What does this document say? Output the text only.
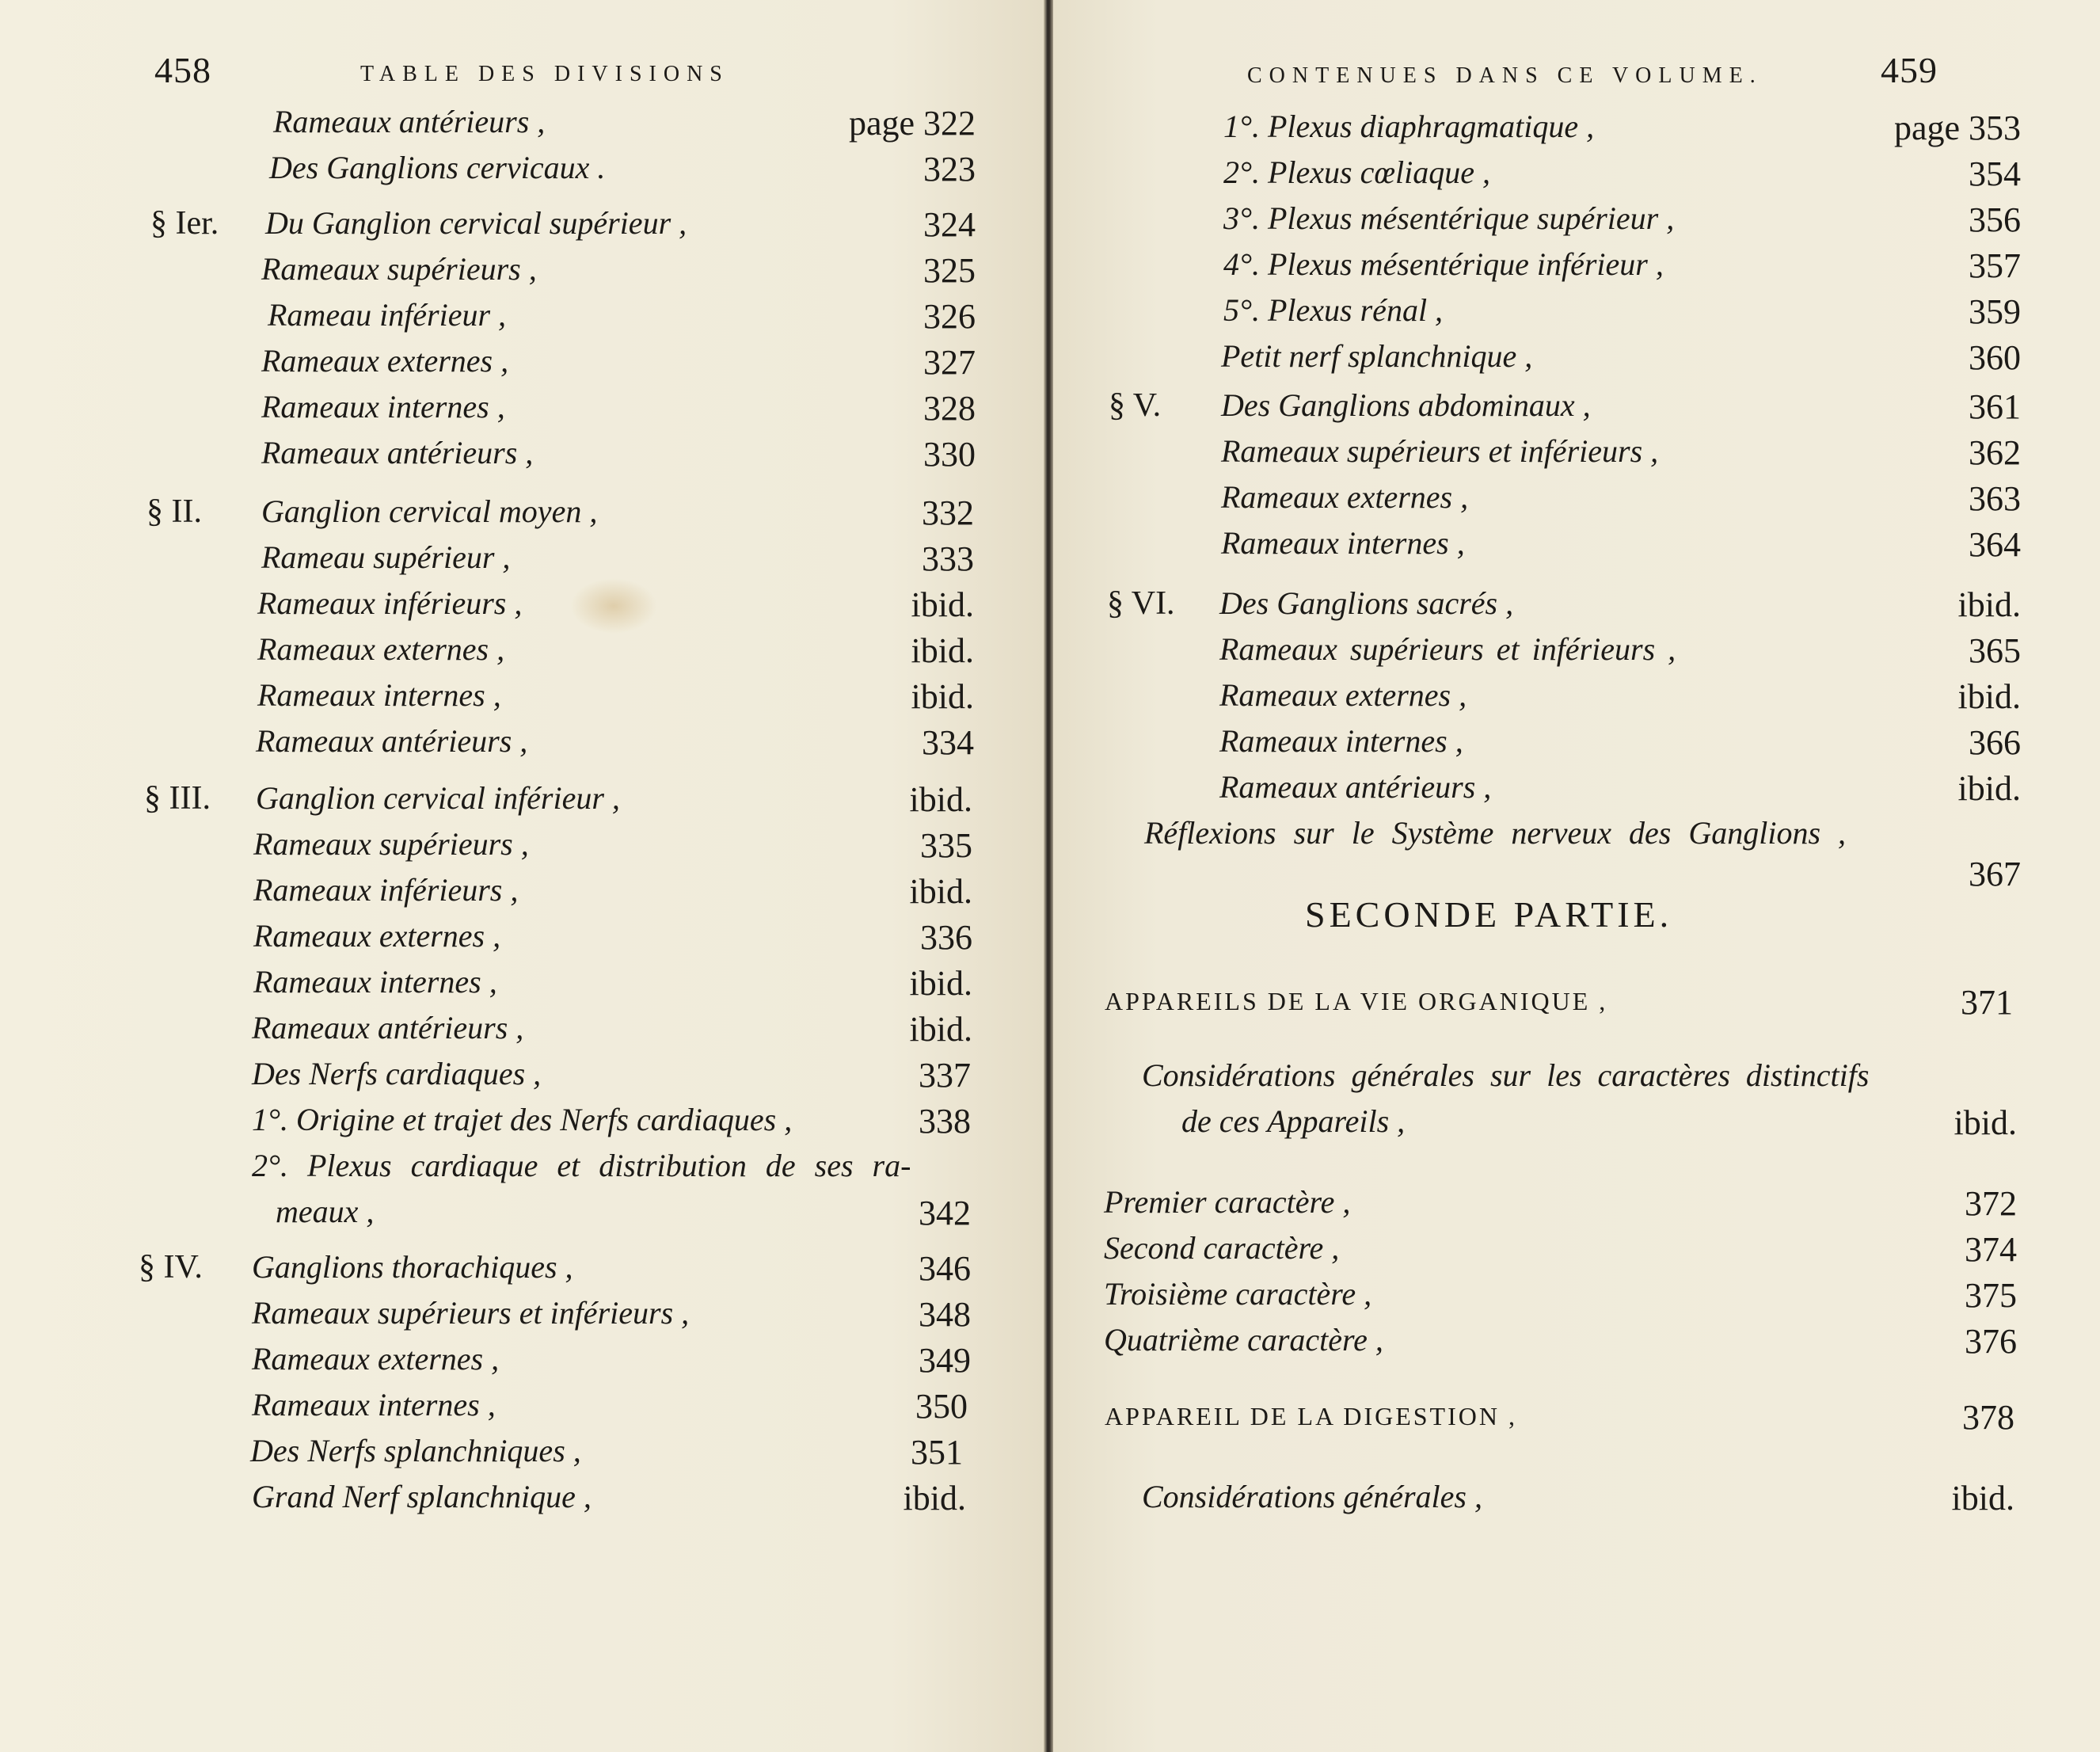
458	TABLE DES DIVISIONS
Rameaux antérieurs ,	page 322
Des Ganglions cervicaux .	323
§ Ier. Du Ganglion cervical supérieur ,	324
Rameaux supérieurs ,	325
Rameau inférieur ,	326
Rameaux externes ,	327
Rameaux internes ,	328
Rameaux antérieurs ,	330
§ II. Ganglion cervical moyen ,	332
Rameau supérieur ,	333
Rameaux inférieurs ,	ibid.
Rameaux externes ,	ibid.
Rameaux internes ,	ibid.
Rameaux antérieurs ,	334
§ III. Ganglion cervical inférieur ,	ibid.
Rameaux supérieurs ,	335
Rameaux inférieurs ,	ibid.
Rameaux externes ,	336
Rameaux internes ,	ibid.
Rameaux antérieurs ,	ibid.
Des Nerfs cardiaques ,	337
1°. Origine et trajet des Nerfs cardiaques ,	338
2°. Plexus cardiaque et distribution de ses ra-
meaux ,	342
§ IV. Ganglions thorachiques ,	346
Rameaux supérieurs et inférieurs ,	348
Rameaux externes ,	349
Rameaux internes ,	350
Des Nerfs splanchniques ,	351
Grand Nerf splanchnique ,	ibid.
CONTENUES DANS CE VOLUME.	459
1°. Plexus diaphragmatique ,	page 353
2°. Plexus cœliaque ,	354
3°. Plexus mésentérique supérieur ,	356
4°. Plexus mésentérique inférieur ,	357
5°. Plexus rénal ,	359
Petit nerf splanchnique ,	360
§ V. Des Ganglions abdominaux ,	361
Rameaux supérieurs et inférieurs ,	362
Rameaux externes ,	363
Rameaux internes ,	364
§ VI. Des Ganglions sacrés ,	ibid.
Rameaux supérieurs et inférieurs ,	365
Rameaux externes ,	ibid.
Rameaux internes ,	366
Rameaux antérieurs ,	ibid.
Réflexions sur le Système nerveux des Ganglions ,
367
SECONDE PARTIE.
APPAREILS DE LA VIE ORGANIQUE ,	371
Considérations générales sur les caractères distinctifs
de ces Appareils ,	ibid.
Premier caractère ,	372
Second caractère ,	374
Troisième caractère ,	375
Quatrième caractère ,	376
APPAREIL DE LA DIGESTION ,	378
Considérations générales ,	ibid.
